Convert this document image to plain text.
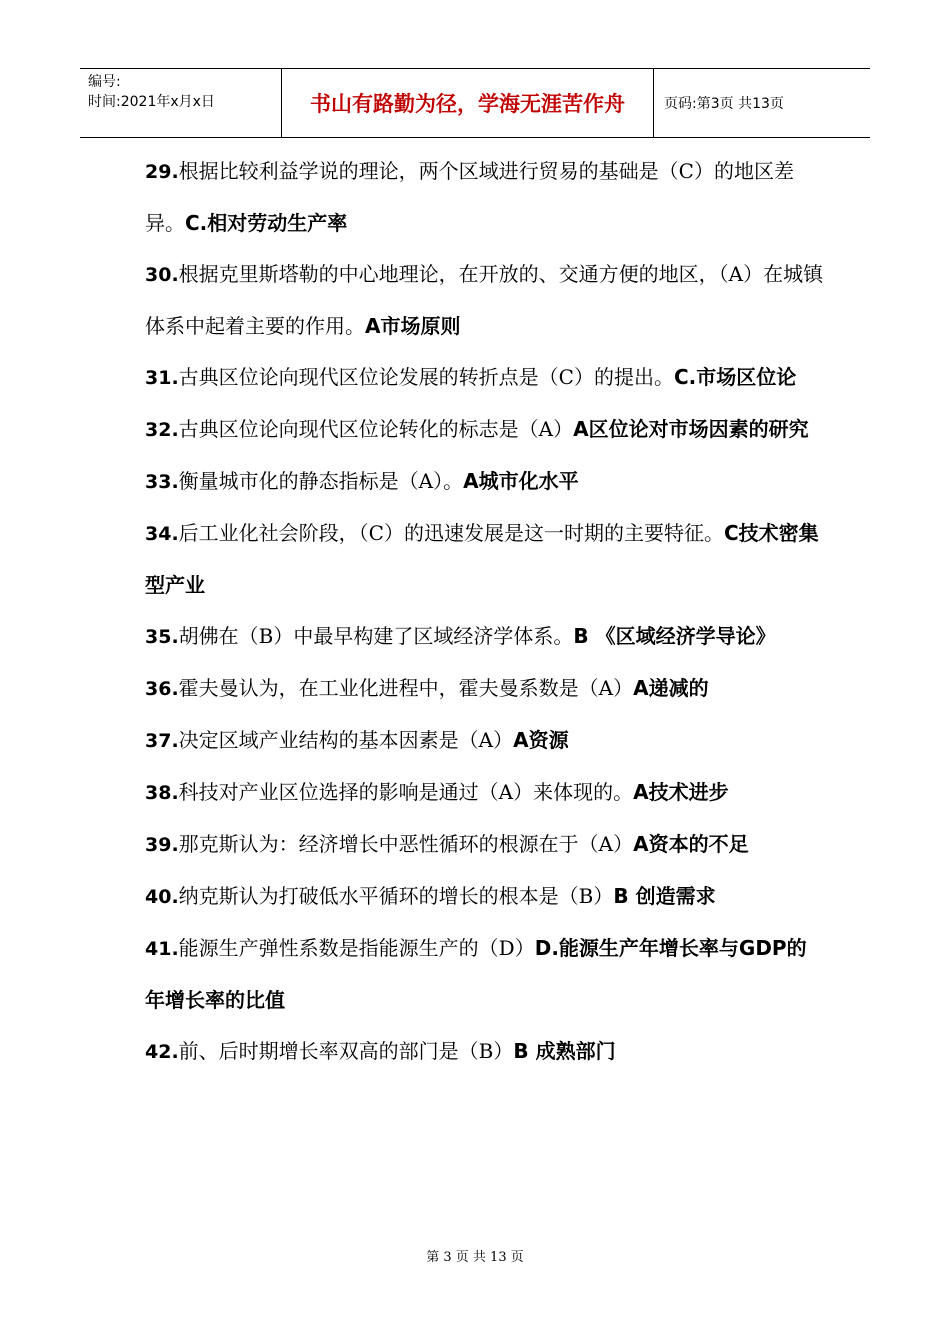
编号:
时间:2021年x月x日	书山有路勤为径，学海无涯苦作舟	页码:第3页 共13页

29.根据比较利益学说的理论，两个区域进行贸易的基础是（C）的地区差异。C.相对劳动生产率

30.根据克里斯塔勒的中心地理论，在开放的、交通方便的地区，（A）在城镇体系中起着主要的作用。A市场原则

31.古典区位论向现代区位论发展的转折点是（C）的提出。C.市场区位论

32.古典区位论向现代区位论转化的标志是（A）A区位论对市场因素的研究

33.衡量城市化的静态指标是（A）。A城市化水平

34.后工业化社会阶段，（C）的迅速发展是这一时期的主要特征。C技术密集型产业

35.胡佛在（B）中最早构建了区域经济学体系。B 《区域经济学导论》

36.霍夫曼认为，在工业化进程中，霍夫曼系数是（A）A递减的

37.决定区域产业结构的基本因素是（A）A资源

38.科技对产业区位选择的影响是通过（A）来体现的。A技术进步

39.那克斯认为：经济增长中恶性循环的根源在于（A）A资本的不足

40.纳克斯认为打破低水平循环的增长的根本是（B）B 创造需求

41.能源生产弹性系数是指能源生产的（D）D.能源生产年增长率与GDP的年增长率的比值

42.前、后时期增长率双高的部门是（B）B 成熟部门

第 3 页 共 13 页
